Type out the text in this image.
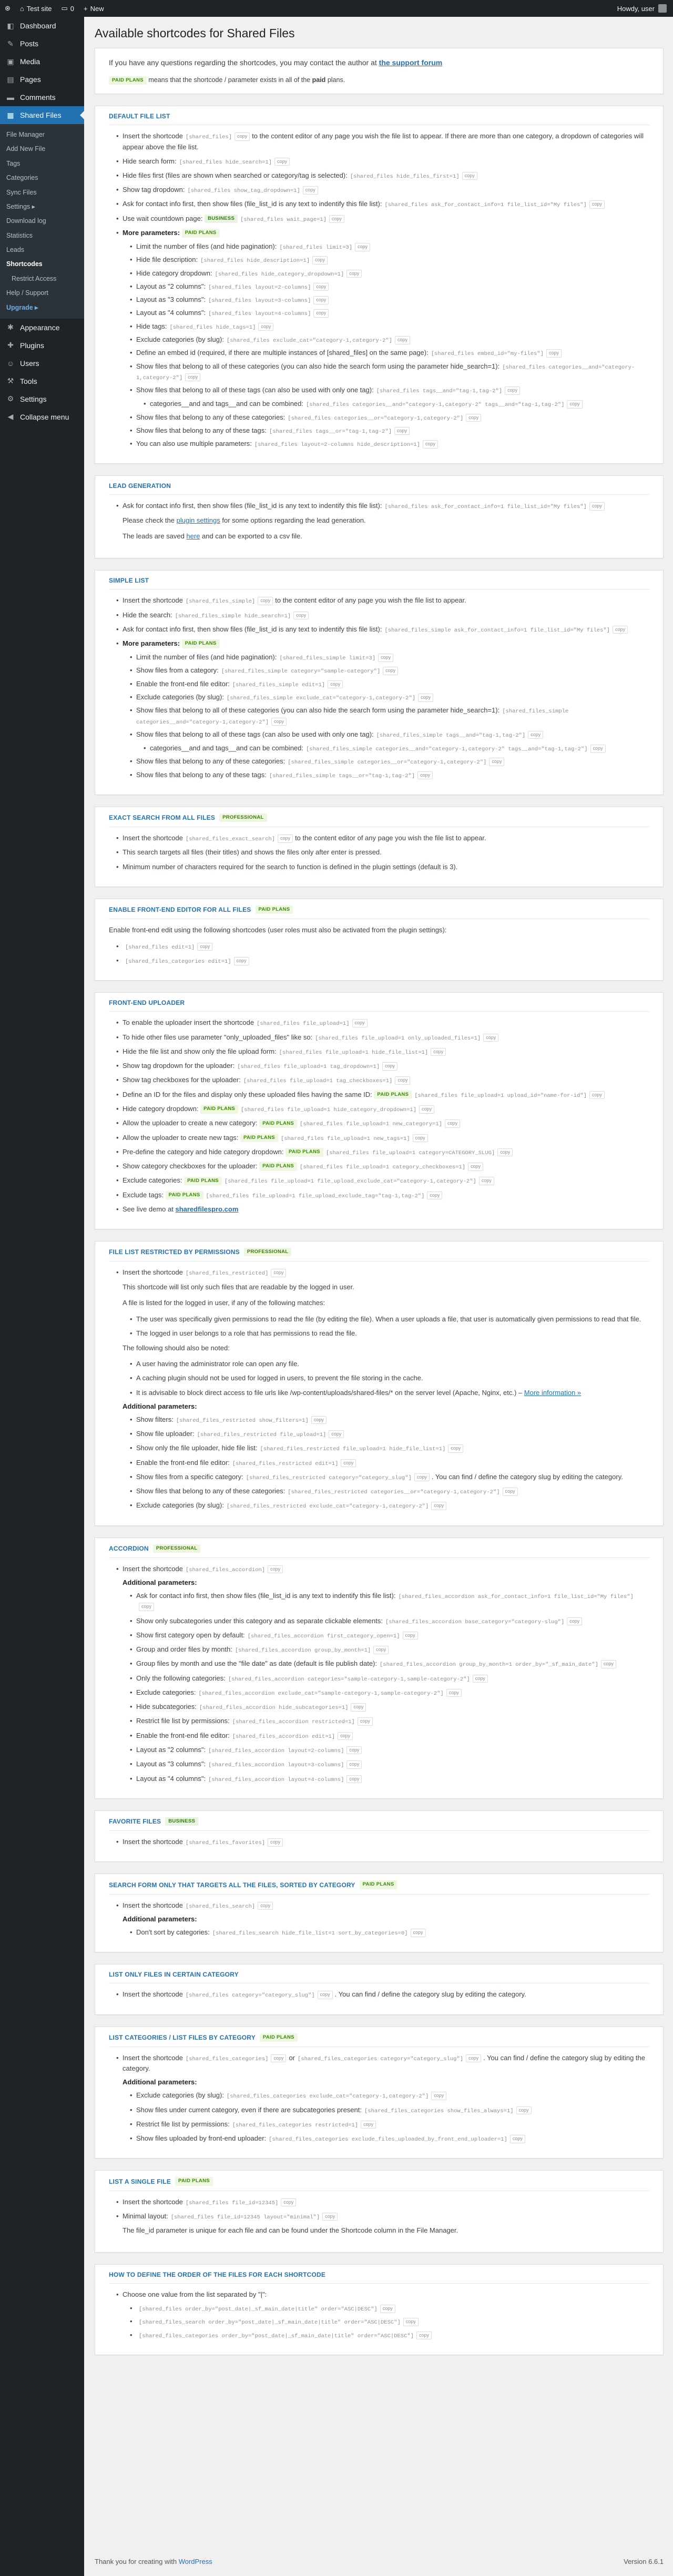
⊛	⌂ Test site ▭ 0 + New	Howdy, user
◧ Dashboard
✎ Posts
▣ Media
▤ Pages
▬ Comments
▦ Shared Files
File Manager
Add New File
Tags
Categories
Sync Files
Settings ▸
Download log
Statistics
Leads
Shortcodes
Restrict Access
Help / Support
Upgrade ▸
✱ Appearance
✚ Plugins
☺ Users
⚒ Tools
⚙ Settings
◀ Collapse menu
Available shortcodes for Shared Files
If you have any questions regarding the shortcodes, you may contact the author at the support forum
PAID PLANS means that the shortcode / parameter exists in all of the paid plans.
DEFAULT FILE LIST
• Insert the shortcode [shared_files] copy to the content editor of any page you wish the file list to appear. If there are more than one category, a dropdown of categories will appear above the file list.
• Hide search form: [shared_files hide_search=1] copy
• Hide files first (files are shown when searched or category/tag is selected): [shared_files hide_files_first=1] copy
• Show tag dropdown: [shared_files show_tag_dropdown=1] copy
• Ask for contact info first, then show files (file_list_id is any text to indentify this file list): [shared_files ask_for_contact_info=1 file_list_id="My files"] copy
• Use wait countdown page: BUSINESS [shared_files wait_page=1] copy
• More parameters: PAID PLANS
• Limit the number of files (and hide pagination): [shared_files limit=3] copy
• Hide file description: [shared_files hide_description=1] copy
• Hide category dropdown: [shared_files hide_category_dropdown=1] copy
• Layout as "2 columns": [shared_files layout=2-columns] copy
• Layout as "3 columns": [shared_files layout=3-columns] copy
• Layout as "4 columns": [shared_files layout=4-columns] copy
• Hide tags: [shared_files hide_tags=1] copy
• Exclude categories (by slug): [shared_files exclude_cat="category-1,category-2"] copy
• Define an embed id (required, if there are multiple instances of [shared_files] on the same page): [shared_files embed_id="my-files"] copy
• Show files that belong to all of these categories (you can also hide the search form using the parameter hide_search=1): [shared_files categories__and="category-1,category-2"] copy
• Show files that belong to all of these tags (can also be used with only one tag): [shared_files tags__and="tag-1,tag-2"] copy
• categories__and and tags__and can be combined: [shared_files categories__and="category-1,category-2" tags__and="tag-1,tag-2"] copy
• Show files that belong to any of these categories: [shared_files categories__or="category-1,category-2"] copy
• Show files that belong to any of these tags: [shared_files tags__or="tag-1,tag-2"] copy
• You can also use multiple parameters: [shared_files layout=2-columns hide_description=1] copy
LEAD GENERATION
• Ask for contact info first, then show files (file_list_id is any text to indentify this file list): [shared_files ask_for_contact_info=1 file_list_id="My files"] copy

Please check the plugin settings for some options regarding the lead generation.

The leads are saved here and can be exported to a csv file.

SIMPLE LIST
• Insert the shortcode [shared_files_simple] copy to the content editor of any page you wish the file list to appear.
• Hide the search: [shared_files_simple hide_search=1] copy
• Ask for contact info first, then show files (file_list_id is any text to indentify this file list): [shared_files_simple ask_for_contact_info=1 file_list_id="My files"] copy
• More parameters: PAID PLANS
• Limit the number of files (and hide pagination): [shared_files_simple limit=3] copy
• Show files from a category: [shared_files_simple category="sample-category"] copy
• Enable the front-end file editor: [shared_files_simple edit=1] copy
• Exclude categories (by slug): [shared_files_simple exclude_cat="category-1,category-2"] copy
• Show files that belong to all of these categories (you can also hide the search form using the parameter hide_search=1): [shared_files_simple categories__and="category-1,category-2"] copy
• Show files that belong to all of these tags (can also be used with only one tag): [shared_files_simple tags__and="tag-1,tag-2"] copy
• categories__and and tags__and can be combined: [shared_files_simple categories__and="category-1,category-2" tags__and="tag-1,tag-2"] copy
• Show files that belong to any of these categories: [shared_files_simple categories__or="category-1,category-2"] copy
• Show files that belong to any of these tags: [shared_files_simple tags__or="tag-1,tag-2"] copy
EXACT SEARCH FROM ALL FILES	PROFESSIONAL
• Insert the shortcode [shared_files_exact_search] copy to the content editor of any page you wish the file list to appear.
• This search targets all files (their titles) and shows the files only after enter is pressed.
• Minimum number of characters required for the search to function is defined in the plugin settings (default is 3).
ENABLE FRONT-END EDITOR FOR ALL FILES	PAID PLANS
Enable front-end edit using the following shortcodes (user roles must also be activated from the plugin settings):
• [shared_files edit=1] copy
• [shared_files_categories edit=1] copy
FRONT-END UPLOADER
• To enable the uploader insert the shortcode [shared_files file_upload=1] copy
• To hide other files use parameter "only_uploaded_files" like so: [shared_files file_upload=1 only_uploaded_files=1] copy
• Hide the file list and show only the file upload form: [shared_files file_upload=1 hide_file_list=1] copy
• Show tag dropdown for the uploader: [shared_files file_upload=1 tag_dropdown=1] copy
• Show tag checkboxes for the uploader: [shared_files file_upload=1 tag_checkboxes=1] copy
• Define an ID for the files and display only these uploaded files having the same ID: PAID PLANS [shared_files file_upload=1 upload_id="name-for-id"] copy
• Hide category dropdown: PAID PLANS [shared_files file_upload=1 hide_category_dropdown=1] copy
• Allow the uploader to create a new category: PAID PLANS [shared_files file_upload=1 new_category=1] copy
• Allow the uploader to create new tags: PAID PLANS [shared_files file_upload=1 new_tags=1] copy
• Pre-define the category and hide category dropdown: PAID PLANS [shared_files file_upload=1 category=CATEGORY_SLUG] copy
• Show category checkboxes for the uploader: PAID PLANS [shared_files file_upload=1 category_checkboxes=1] copy
• Exclude categories: PAID PLANS [shared_files file_upload=1 file_upload_exclude_cat="category-1,category-2"] copy
• Exclude tags: PAID PLANS [shared_files file_upload=1 file_upload_exclude_tag="tag-1,tag-2"] copy
• See live demo at sharedfilespro.com
FILE LIST RESTRICTED BY PERMISSIONS	PROFESSIONAL
• Insert the shortcode [shared_files_restricted] copy

This shortcode will list only such files that are readable by the logged in user.

A file is listed for the logged in user, if any of the following matches:

• The user was specifically given permissions to read the file (by editing the file). When a user uploads a file, that user is automatically given permissions to read that file.
• The logged in user belongs to a role that has permissions to read the file.

The following should also be noted:

• A user having the administrator role can open any file.
• A caching plugin should not be used for logged in users, to prevent the file storing in the cache.
• It is advisable to block direct access to file urls like /wp-content/uploads/shared-files/* on the server level (Apache, Nginx, etc.) – More information »
Additional parameters:
• Show filters: [shared_files_restricted show_filters=1] copy
• Show file uploader: [shared_files_restricted file_upload=1] copy
• Show only the file uploader, hide file list: [shared_files_restricted file_upload=1 hide_file_list=1] copy
• Enable the front-end file editor: [shared_files_restricted edit=1] copy
• Show files from a specific category: [shared_files_restricted category="category_slug"] copy . You can find / define the category slug by editing the category.
• Show files that belong to any of these categories: [shared_files_restricted categories__or="category-1,category-2"] copy
• Exclude categories (by slug): [shared_files_restricted exclude_cat="category-1,category-2"] copy
ACCORDION	PROFESSIONAL
• Insert the shortcode [shared_files_accordion] copy
Additional parameters:
• Ask for contact info first, then show files (file_list_id is any text to indentify this file list): [shared_files_accordion ask_for_contact_info=1 file_list_id="My files"]copy
• Show only subcategories under this category and as separate clickable elements: [shared_files_accordion base_category="category-slug"] copy
• Show first category open by default: [shared_files_accordion first_category_open=1] copy
• Group and order files by month: [shared_files_accordion group_by_month=1] copy
• Group files by month and use the "file date" as date (default is file publish date): [shared_files_accordion group_by_month=1 order_by="_sf_main_date"] copy
• Only the following categories: [shared_files_accordion categories="sample-category-1,sample-category-2"] copy
• Exclude categories: [shared_files_accordion exclude_cat="sample-category-1,sample-category-2"] copy
• Hide subcategories: [shared_files_accordion hide_subcategories=1] copy
• Restrict file list by permissions: [shared_files_accordion restricted=1] copy
• Enable the front-end file editor: [shared_files_accordion edit=1] copy
• Layout as "2 columns": [shared_files_accordion layout=2-columns] copy
• Layout as "3 columns": [shared_files_accordion layout=3-columns] copy
• Layout as "4 columns": [shared_files_accordion layout=4-columns] copy
FAVORITE FILES	BUSINESS
• Insert the shortcode [shared_files_favorites] copy
SEARCH FORM ONLY THAT TARGETS ALL THE FILES, SORTED BY CATEGORY	PAID PLANS
• Insert the shortcode [shared_files_search] copy
Additional parameters:
• Don't sort by categories: [shared_files_search hide_file_list=1 sort_by_categories=0] copy
LIST ONLY FILES IN CERTAIN CATEGORY
• Insert the shortcode [shared_files category="category_slug"] copy . You can find / define the category slug by editing the category.
LIST CATEGORIES / LIST FILES BY CATEGORY	PAID PLANS
• Insert the shortcode [shared_files_categories] copy or [shared_files_categories category="category_slug"] copy . You can find / define the category slug by editing the category.
Additional parameters:
• Exclude categories (by slug): [shared_files_categories exclude_cat="category-1,category-2"] copy
• Show files under current category, even if there are subcategories present: [shared_files_categories show_files_always=1] copy
• Restrict file list by permissions: [shared_files_categories restricted=1] copy
• Show files uploaded by front-end uploader: [shared_files_categories exclude_files_uploaded_by_front_end_uploader=1] copy
LIST A SINGLE FILE	PAID PLANS
• Insert the shortcode [shared_files file_id=12345] copy
• Minimal layout: [shared_files file_id=12345 layout="minimal"] copy

The file_id parameter is unique for each file and can be found under the Shortcode column in the File Manager.

HOW TO DEFINE THE ORDER OF THE FILES FOR EACH SHORTCODE
• Choose one value from the list separated by "|":
• [shared_files order_by="post_date|_sf_main_date|title" order="ASC|DESC"] copy
• [shared_files_search order_by="post_date|_sf_main_date|title" order="ASC|DESC"] copy
• [shared_files_categories order_by="post_date|_sf_main_date|title" order="ASC|DESC"] copy
Thank you for creating with WordPress	Version 6.6.1
